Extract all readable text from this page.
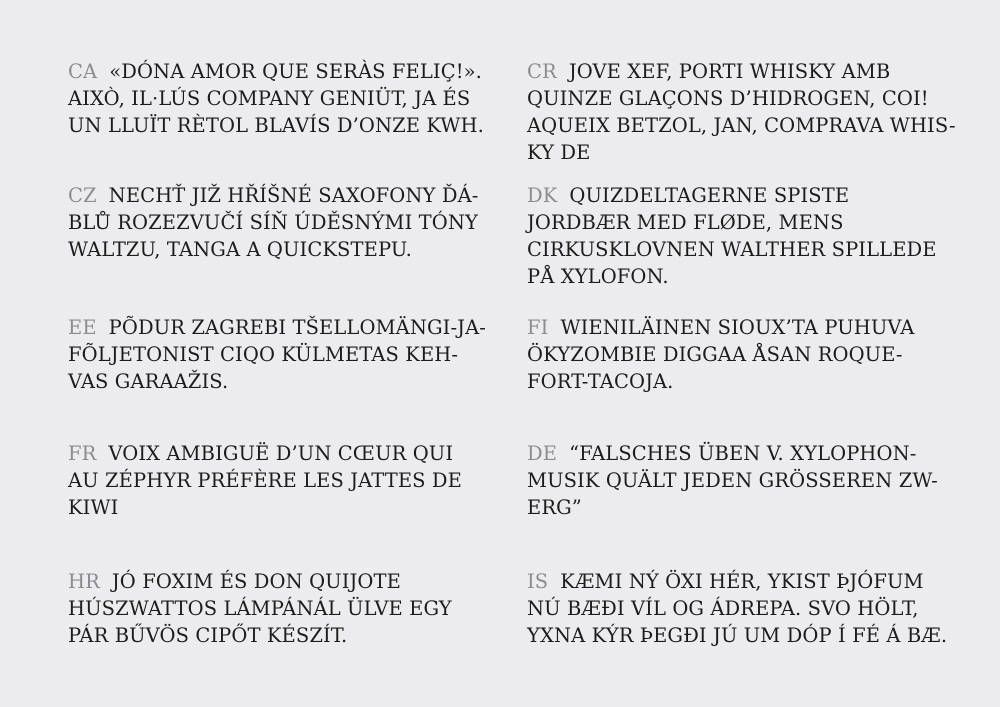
CA «DÓNA AMOR QUE SERÀS FELIÇ!». AIXÒ, IL·LÚS COMPANY GENIÜT, JA ÉS UN LLUÏT RÈTOL BLAVÍS D’ONZE KWH.

CR JOVE XEF, PORTI WHISKY AMB QUINZE GLAÇONS D’HIDROGEN, COI! AQUEIX BETZOL, JAN, COMPRAVA WHIS-KY DE

CZ NECHŤ JIŽ HŘÍŠNÉ SAXOFONY ĎÁ-BLŮ ROZEZVUČÍ SÍŇ ÚDĚSNÝMI TÓNY WALTZU, TANGA A QUICKSTEPU.

DK QUIZDELTAGERNE SPISTE JORDBÆR MED FLØDE, MENS CIRKUSKLOVNEN WALTHER SPILLEDE PÅ XYLOFON.

EE PÕDUR ZAGREBI TŠELLOMÄNGI-JA-FÕLJETONIST CIQO KÜLMETAS KEH-VAS GARAAŽIS.

FI WIENILÄINEN SIOUX’TA PUHUVA ÖKYZOMBIE DIGGAA ÅSAN ROQUE-FORT-TACOJA.

FR VOIX AMBIGUË D’UN CŒUR QUI AU ZÉPHYR PRÉFÈRE LES JATTES DE KIWI

DE “FALSCHES ÜBEN V. XYLOPHON-MUSIK QUÄLT JEDEN GRÖSSEREN ZW-ERG”

HR JÓ FOXIM ÉS DON QUIJOTE HÚSZWATTOS LÁMPÁNÁL ÜLVE EGY PÁR BŰVÖS CIPŐT KÉSZÍT.

IS KÆMI NÝ ÖXI HÉR, YKIST ÞJÓFUM NÚ BÆÐI VÍL OG ÁDREPA. SVO HÖLT, YXNA KÝR ÞEGÐI JÚ UM DÓP Í FÉ Á BÆ.
